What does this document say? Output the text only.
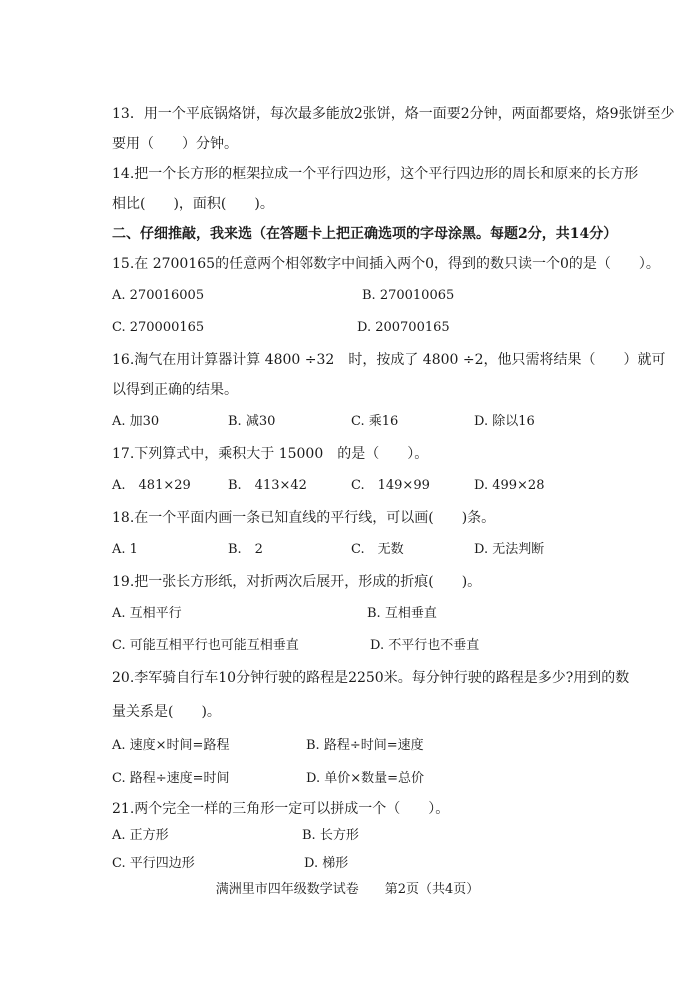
13．用一个平底锅烙饼，每次最多能放2张饼，烙一面要2分钟，两面都要烙，烙9张饼至少
要用（　　）分钟。
14.把一个长方形的框架拉成一个平行四边形，这个平行四边形的周长和原来的长方形
相比(　　)，面积(　　)。
二、仔细推敲，我来选（在答题卡上把正确选项的字母涂黑。每题2分，共14分）
15.在 2700165的任意两个相邻数字中间插入两个0，得到的数只读一个0的是（　　）。
A. 270016005	B. 270010065
C. 270000165	D. 200700165
16.淘气在用计算器计算 4800 ÷32　时，按成了 4800 ÷2，他只需将结果（　　）就可
以得到正确的结果。
A. 加30	B. 减30	C. 乘16	D. 除以16
17.下列算式中，乘积大于 15000　的是（　　）。
A.　481×29	B.　413×42	C.　149×99	D. 499×28
18.在一个平面内画一条已知直线的平行线，可以画(　　)条。
A. 1	B.　2	C.　无数	D. 无法判断
19.把一张长方形纸，对折两次后展开，形成的折痕(　　)。
A. 互相平行	B. 互相垂直
C. 可能互相平行也可能互相垂直	D. 不平行也不垂直
20.李军骑自行车10分钟行驶的路程是2250米。每分钟行驶的路程是多少?用到的数
量关系是(　　)。
A. 速度×时间=路程	B. 路程÷时间=速度
C. 路程÷速度=时间	D. 单价×数量=总价
21.两个完全一样的三角形一定可以拼成一个（　　）。
A. 正方形	B. 长方形
C. 平行四边形	D. 梯形
满洲里市四年级数学试卷　　第2页（共4页）
